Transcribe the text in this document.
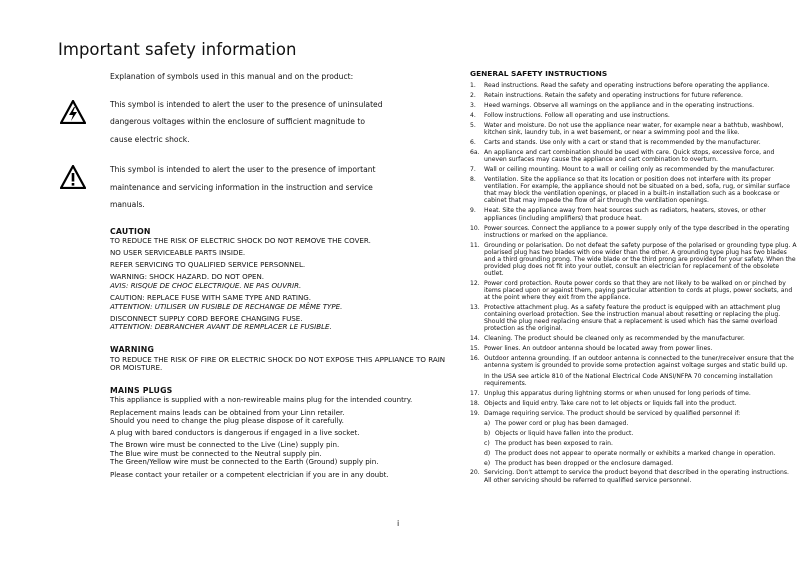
Important safety information

Explanation of symbols used in this manual and on the product:

This symbol is intended to alert the user to the presence of uninsulated

dangerous voltages within the enclosure of sufficient magnitude to

cause electric shock.

This symbol is intended to alert the user to the presence of important

maintenance and servicing information in the instruction and service

manuals.

CAUTION

TO REDUCE THE RISK OF ELECTRIC SHOCK DO NOT REMOVE THE COVER.

NO USER SERVICEABLE PARTS INSIDE.

REFER SERVICING TO QUALIFIED SERVICE PERSONNEL.

WARNING: SHOCK HAZARD. DO NOT OPEN.
AVIS: RISQUE DE CHOC ELECTRIQUE. NE PAS OUVRIR.

CAUTION: REPLACE FUSE WITH SAME TYPE AND RATING.
ATTENTION: UTILISER UN FUSIBLE DE RECHANGE DE MÊME TYPE.

DISCONNECT SUPPLY CORD BEFORE CHANGING FUSE.
ATTENTION: DEBRANCHER AVANT DE REMPLACER LE FUSIBLE.

WARNING

TO REDUCE THE RISK OF FIRE OR ELECTRIC SHOCK DO NOT EXPOSE THIS APPLIANCE TO RAIN OR MOISTURE.

MAINS PLUGS

This appliance is supplied with a non-rewireable mains plug for the intended country.

Replacement mains leads can be obtained from your Linn retailer.
Should you need to change the plug please dispose of it carefully.

A plug with bared conductors is dangerous if engaged in a live socket.

The Brown wire must be connected to the Live (Line) supply pin.
The Blue wire must be connected to the Neutral supply pin.
The Green/Yellow wire must be connected to the Earth (Ground) supply pin.

Please contact your retailer or a competent electrician if you are in any doubt.

GENERAL SAFETY INSTRUCTIONS
1.	Read instructions. Read the safety and operating instructions before operating the appliance.
2.	Retain instructions. Retain the safety and operating instructions for future reference.
3.	Heed warnings. Observe all warnings on the appliance and in the operating instructions.
4.	Follow instructions. Follow all operating and use instructions.
5.	Water and moisture. Do not use the appliance near water, for example near a bathtub, washbowl, kitchen sink, laundry tub, in a wet basement, or near a swimming pool and the like.
6.	Carts and stands. Use only with a cart or stand that is recommended by the manufacturer.
6a. An appliance and cart combination should be used with care. Quick stops, excessive force, and uneven surfaces may cause the appliance and cart combination to overturn.
7.	Wall or ceiling mounting. Mount to a wall or ceiling only as recommended by the manufacturer.
8.	Ventilation. Site the appliance so that its location or position does not interfere with its proper ventilation. For example, the appliance should not be situated on a bed, sofa, rug, or similar surface that may block the ventilation openings, or placed in a built-in installation such as a bookcase or cabinet that may impede the flow of air through the ventilation openings.
9.	Heat. Site the appliance away from heat sources such as radiators, heaters, stoves, or other appliances (including amplifiers) that produce heat.
10. Power sources. Connect the appliance to a power supply only of the type described in the operating instructions or marked on the appliance.
11. Grounding or polarisation. Do not defeat the safety purpose of the polarised or grounding type plug. A polarised plug has two blades with one wider than the other. A grounding type plug has two blades and a third grounding prong. The wide blade or the third prong are provided for your safety. When the provided plug does not fit into your outlet, consult an electrician for replacement of the obsolete outlet.
12. Power cord protection. Route power cords so that they are not likely to be walked on or pinched by items placed upon or against them, paying particular attention to cords at plugs, power sockets, and at the point where they exit from the appliance.
13. Protective attachment plug. As a safety feature the product is equipped with an attachment plug containing overload protection. See the instruction manual about resetting or replacing the plug. Should the plug need replacing ensure that a replacement is used which has the same overload protection as the original.
14. Cleaning. The product should be cleaned only as recommended by the manufacturer.
15. Power lines. An outdoor antenna should be located away from power lines.
16. Outdoor antenna grounding. If an outdoor antenna is connected to the tuner/receiver ensure that the antenna system is grounded to provide some protection against voltage surges and static build up.

In the USA see article 810 of the National Electrical Code ANSI/NFPA 70 concerning installation requirements.

17. Unplug this apparatus during lightning storms or when unused for long periods of time.
18. Objects and liquid entry. Take care not to let objects or liquids fall into the product.
19. Damage requiring service. The product should be serviced by qualified personnel if:
a) The power cord or plug has been damaged.
b) Objects or liquid have fallen into the product.
c) The product has been exposed to rain.
d) The product does not appear to operate normally or exhibits a marked change in operation.
e) The product has been dropped or the enclosure damaged.
20. Servicing. Don't attempt to service the product beyond that described in the operating instructions. All other servicing should be referred to qualified service personnel.
i
